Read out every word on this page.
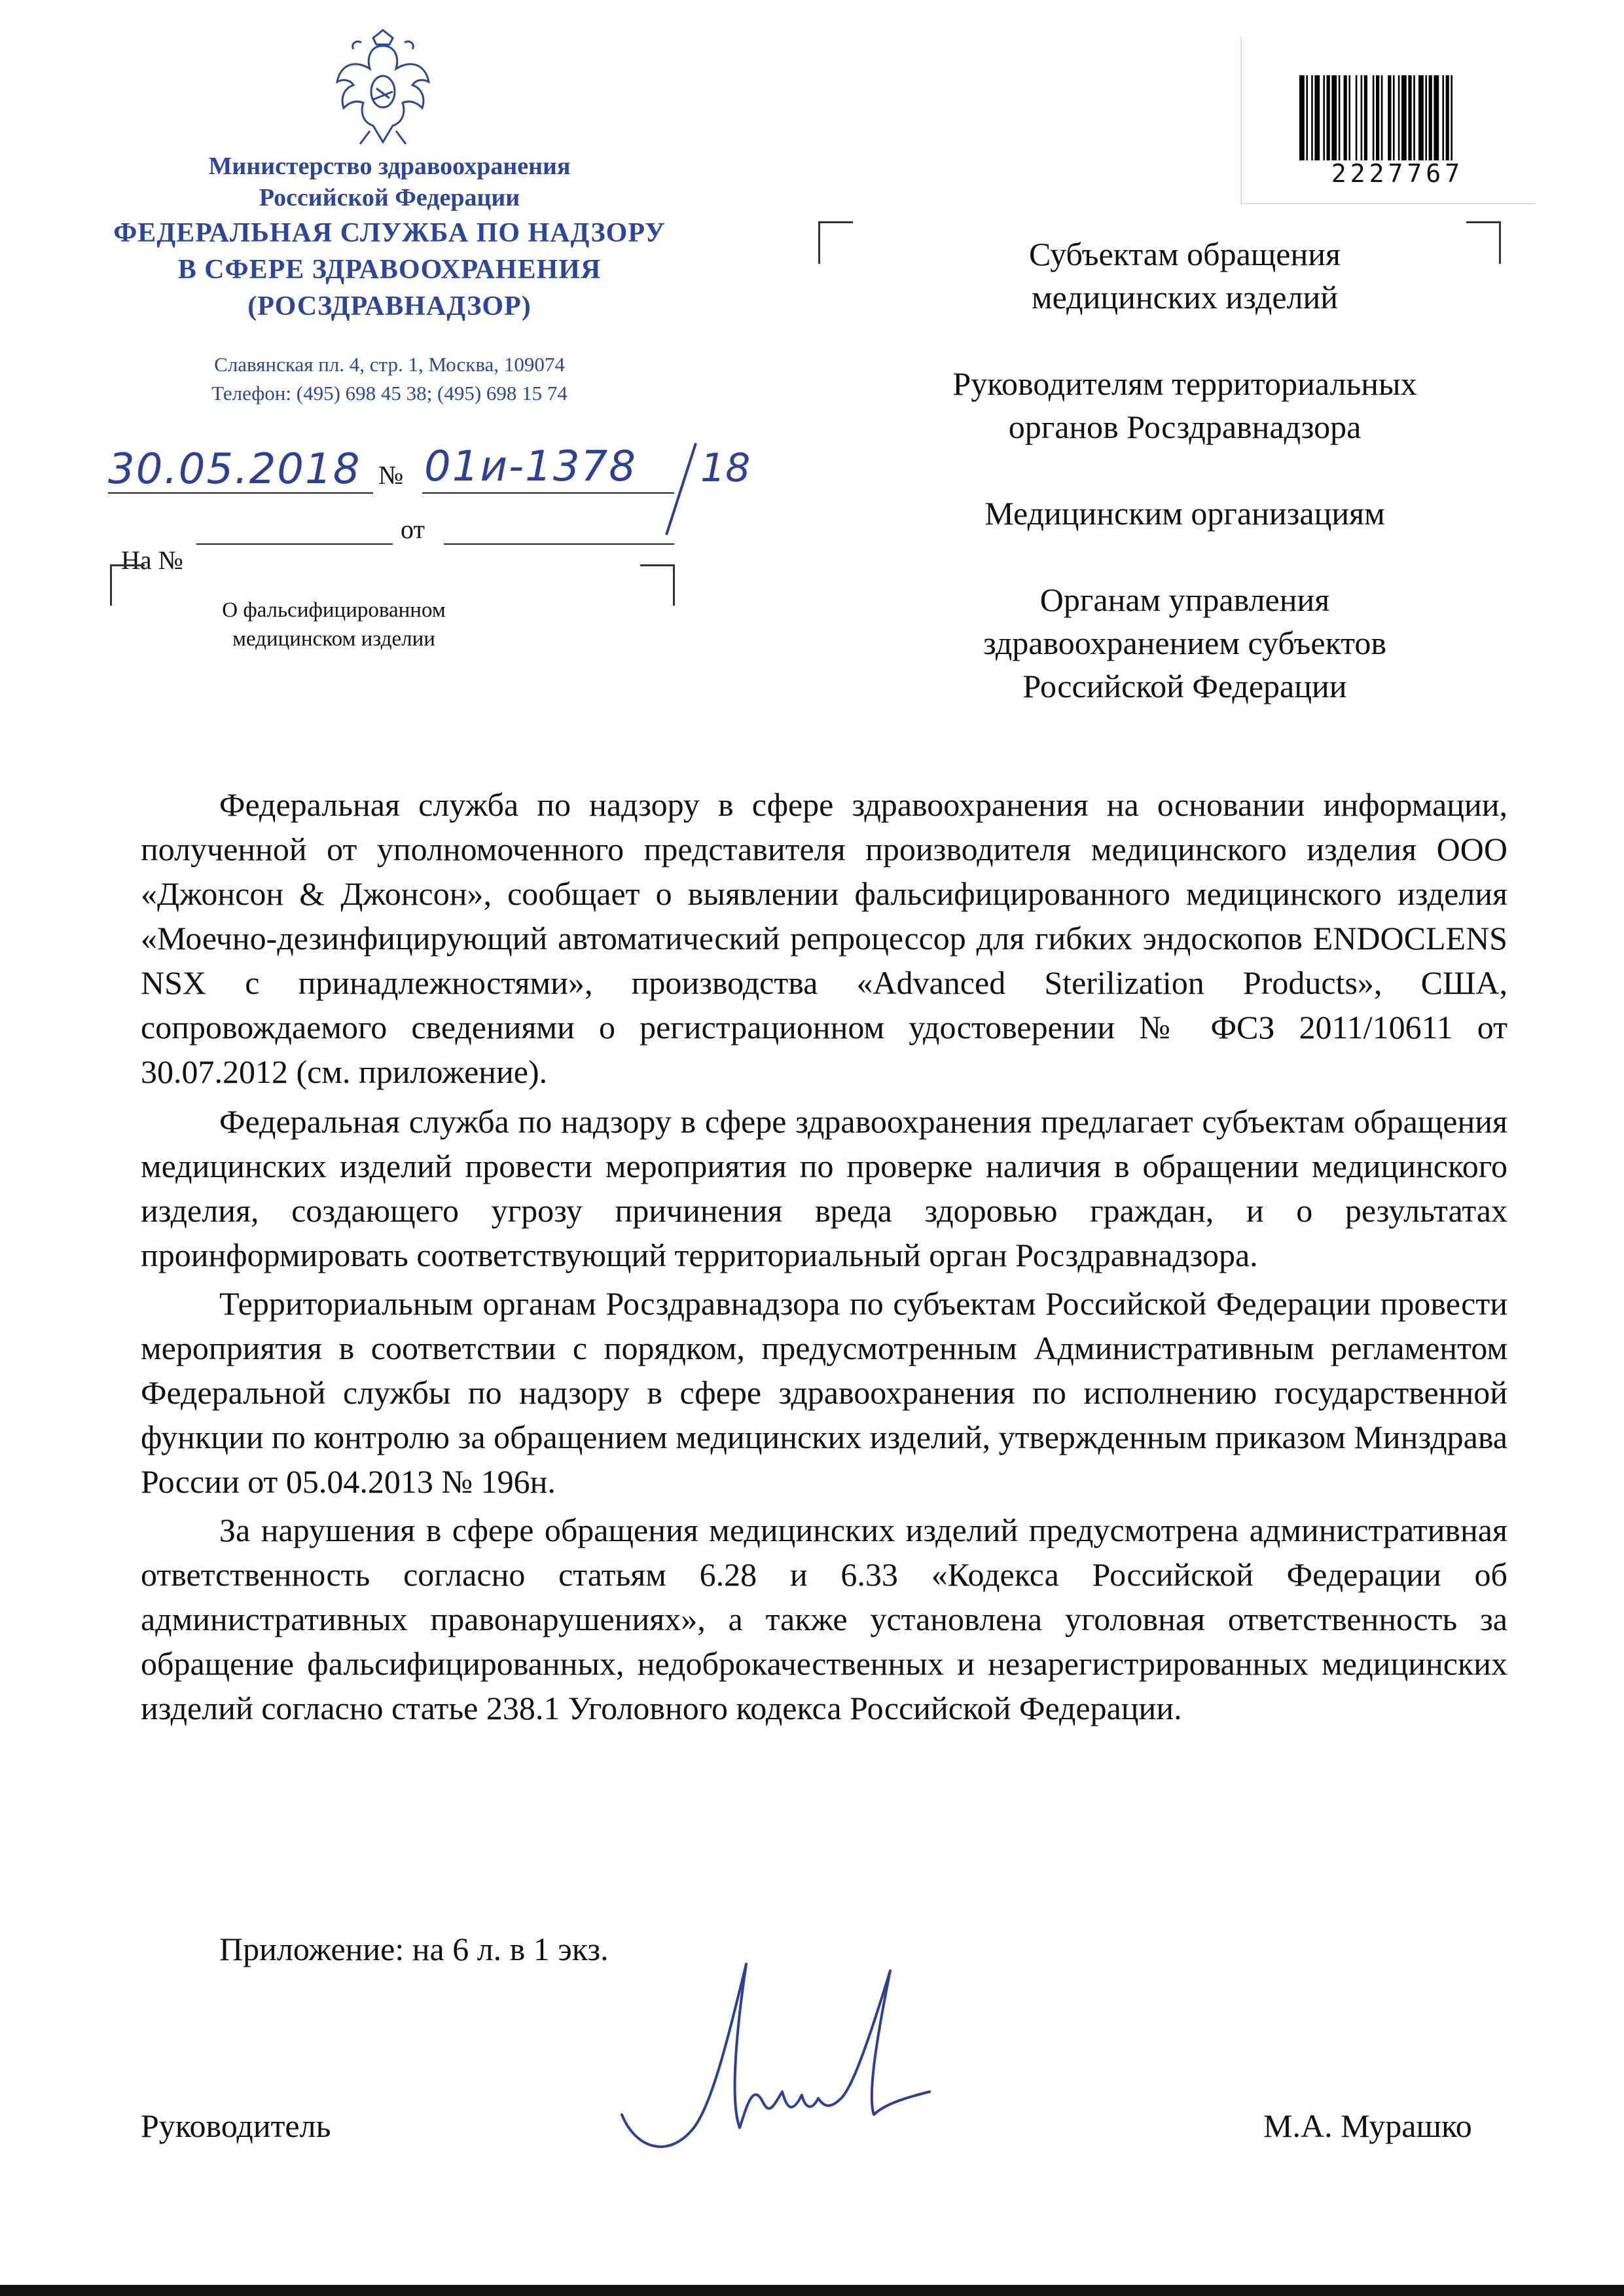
Министерство здравоохранения
Российской Федерации
ФЕДЕРАЛЬНАЯ СЛУЖБА ПО НАДЗОРУ
В СФЕРЕ ЗДРАВООХРАНЕНИЯ
(РОСЗДРАВНАДЗОР)
Славянская пл. 4, стр. 1, Москва, 109074
Телефон: (495) 698 45 38; (495) 698 15 74
30.05.2018 № 01и-1378 18

На №

от
О фальсифицированном
медицинском изделии
2227767
Субъектам обращения
медицинских изделий
Руководителям территориальных
органов Росздравнадзора
Медицинским организациям
Органам управления
здравоохранением субъектов
Российской Федерации

Федеральная служба по надзору в сфере здравоохранения на основании информации, полученной от уполномоченного представителя производителя медицинского изделия ООО «Джонсон & Джонсон», сообщает о выявлении фальсифицированного медицинского изделия «Моечно-дезинфицирующий автоматический репроцессор для гибких эндоскопов ENDOCLENS NSX с принадлежностями», производства «Advanced Sterilization Products», США, сопровождаемого сведениями о регистрационном удостоверении № ФСЗ 2011/10611 от 30.07.2012 (см. приложение).

Федеральная служба по надзору в сфере здравоохранения предлагает субъектам обращения медицинских изделий провести мероприятия по проверке наличия в обращении медицинского изделия, создающего угрозу причинения вреда здоровью граждан, и о результатах проинформировать соответствующий территориальный орган Росздравнадзора.

Территориальным органам Росздравнадзора по субъектам Российской Федерации провести мероприятия в соответствии с порядком, предусмотренным Административным регламентом Федеральной службы по надзору в сфере здравоохранения по исполнению государственной функции по контролю за обращением медицинских изделий, утвержденным приказом Минздрава России от 05.04.2013 № 196н.

За нарушения в сфере обращения медицинских изделий предусмотрена административная ответственность согласно статьям 6.28 и 6.33 «Кодекса Российской Федерации об административных правонарушениях», а также установлена уголовная ответственность за обращение фальсифицированных, недоброкачественных и незарегистрированных медицинских изделий согласно статье 238.1 Уголовного кодекса Российской Федерации.

Приложение: на 6 л. в 1 экз.
Руководитель	М.А. Мурашко
